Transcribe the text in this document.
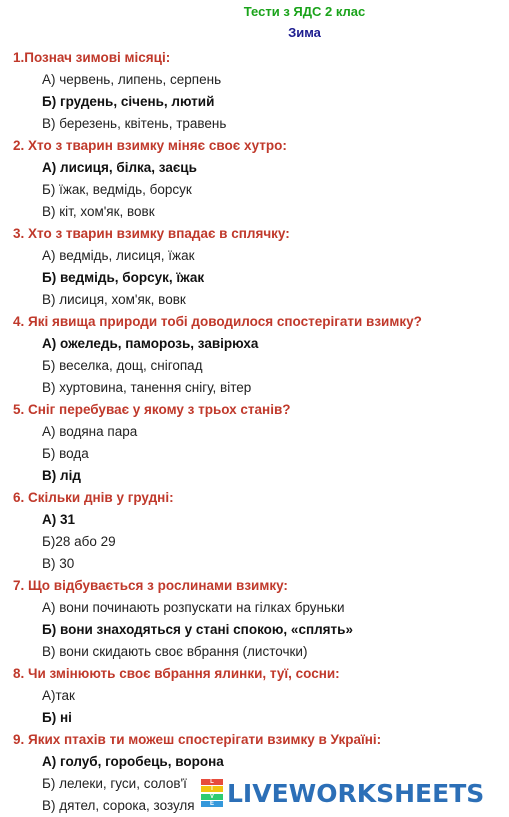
Тести з ЯДС 2 клас
Зима
1.Познач зимові місяці:
А) червень, липень, серпень
Б) грудень, січень, лютий
В) березень, квітень, травень
2. Хто з тварин взимку міняє своє хутро:
А) лисиця, білка, заєць
Б) їжак, ведмідь, борсук
В) кіт, хом'як, вовк
3. Хто з тварин взимку впадає в сплячку:
А) ведмідь, лисиця, їжак
Б) ведмідь, борсук, їжак
В) лисиця, хом'як, вовк
4. Які явища природи тобі доводилося спостерігати взимку?
А) ожеледь, паморозь, завірюха
Б) веселка, дощ, снігопад
В) хуртовина, танення снігу, вітер
5. Сніг перебуває у якому з трьох станів?
А) водяна пара
Б) вода
В) лід
6. Скільки днів у грудні:
А) 31
Б)28 або 29
В) 30
7. Що відбувається з рослинами взимку:
А) вони починають розпускати на гілках бруньки
Б) вони знаходяться у стані спокою, «сплять»
В) вони скидають своє вбрання (листочки)
8. Чи змінюють своє вбрання ялинки, туї, сосни:
А)так
Б) ні
9. Яких птахів ти можеш спостерігати взимку в Україні:
А) голуб, горобець, ворона
Б) лелеки, гуси, солов'ї
В) дятел, сорока, зозуля
L
I
V
E LIVEWORKSHEETS
